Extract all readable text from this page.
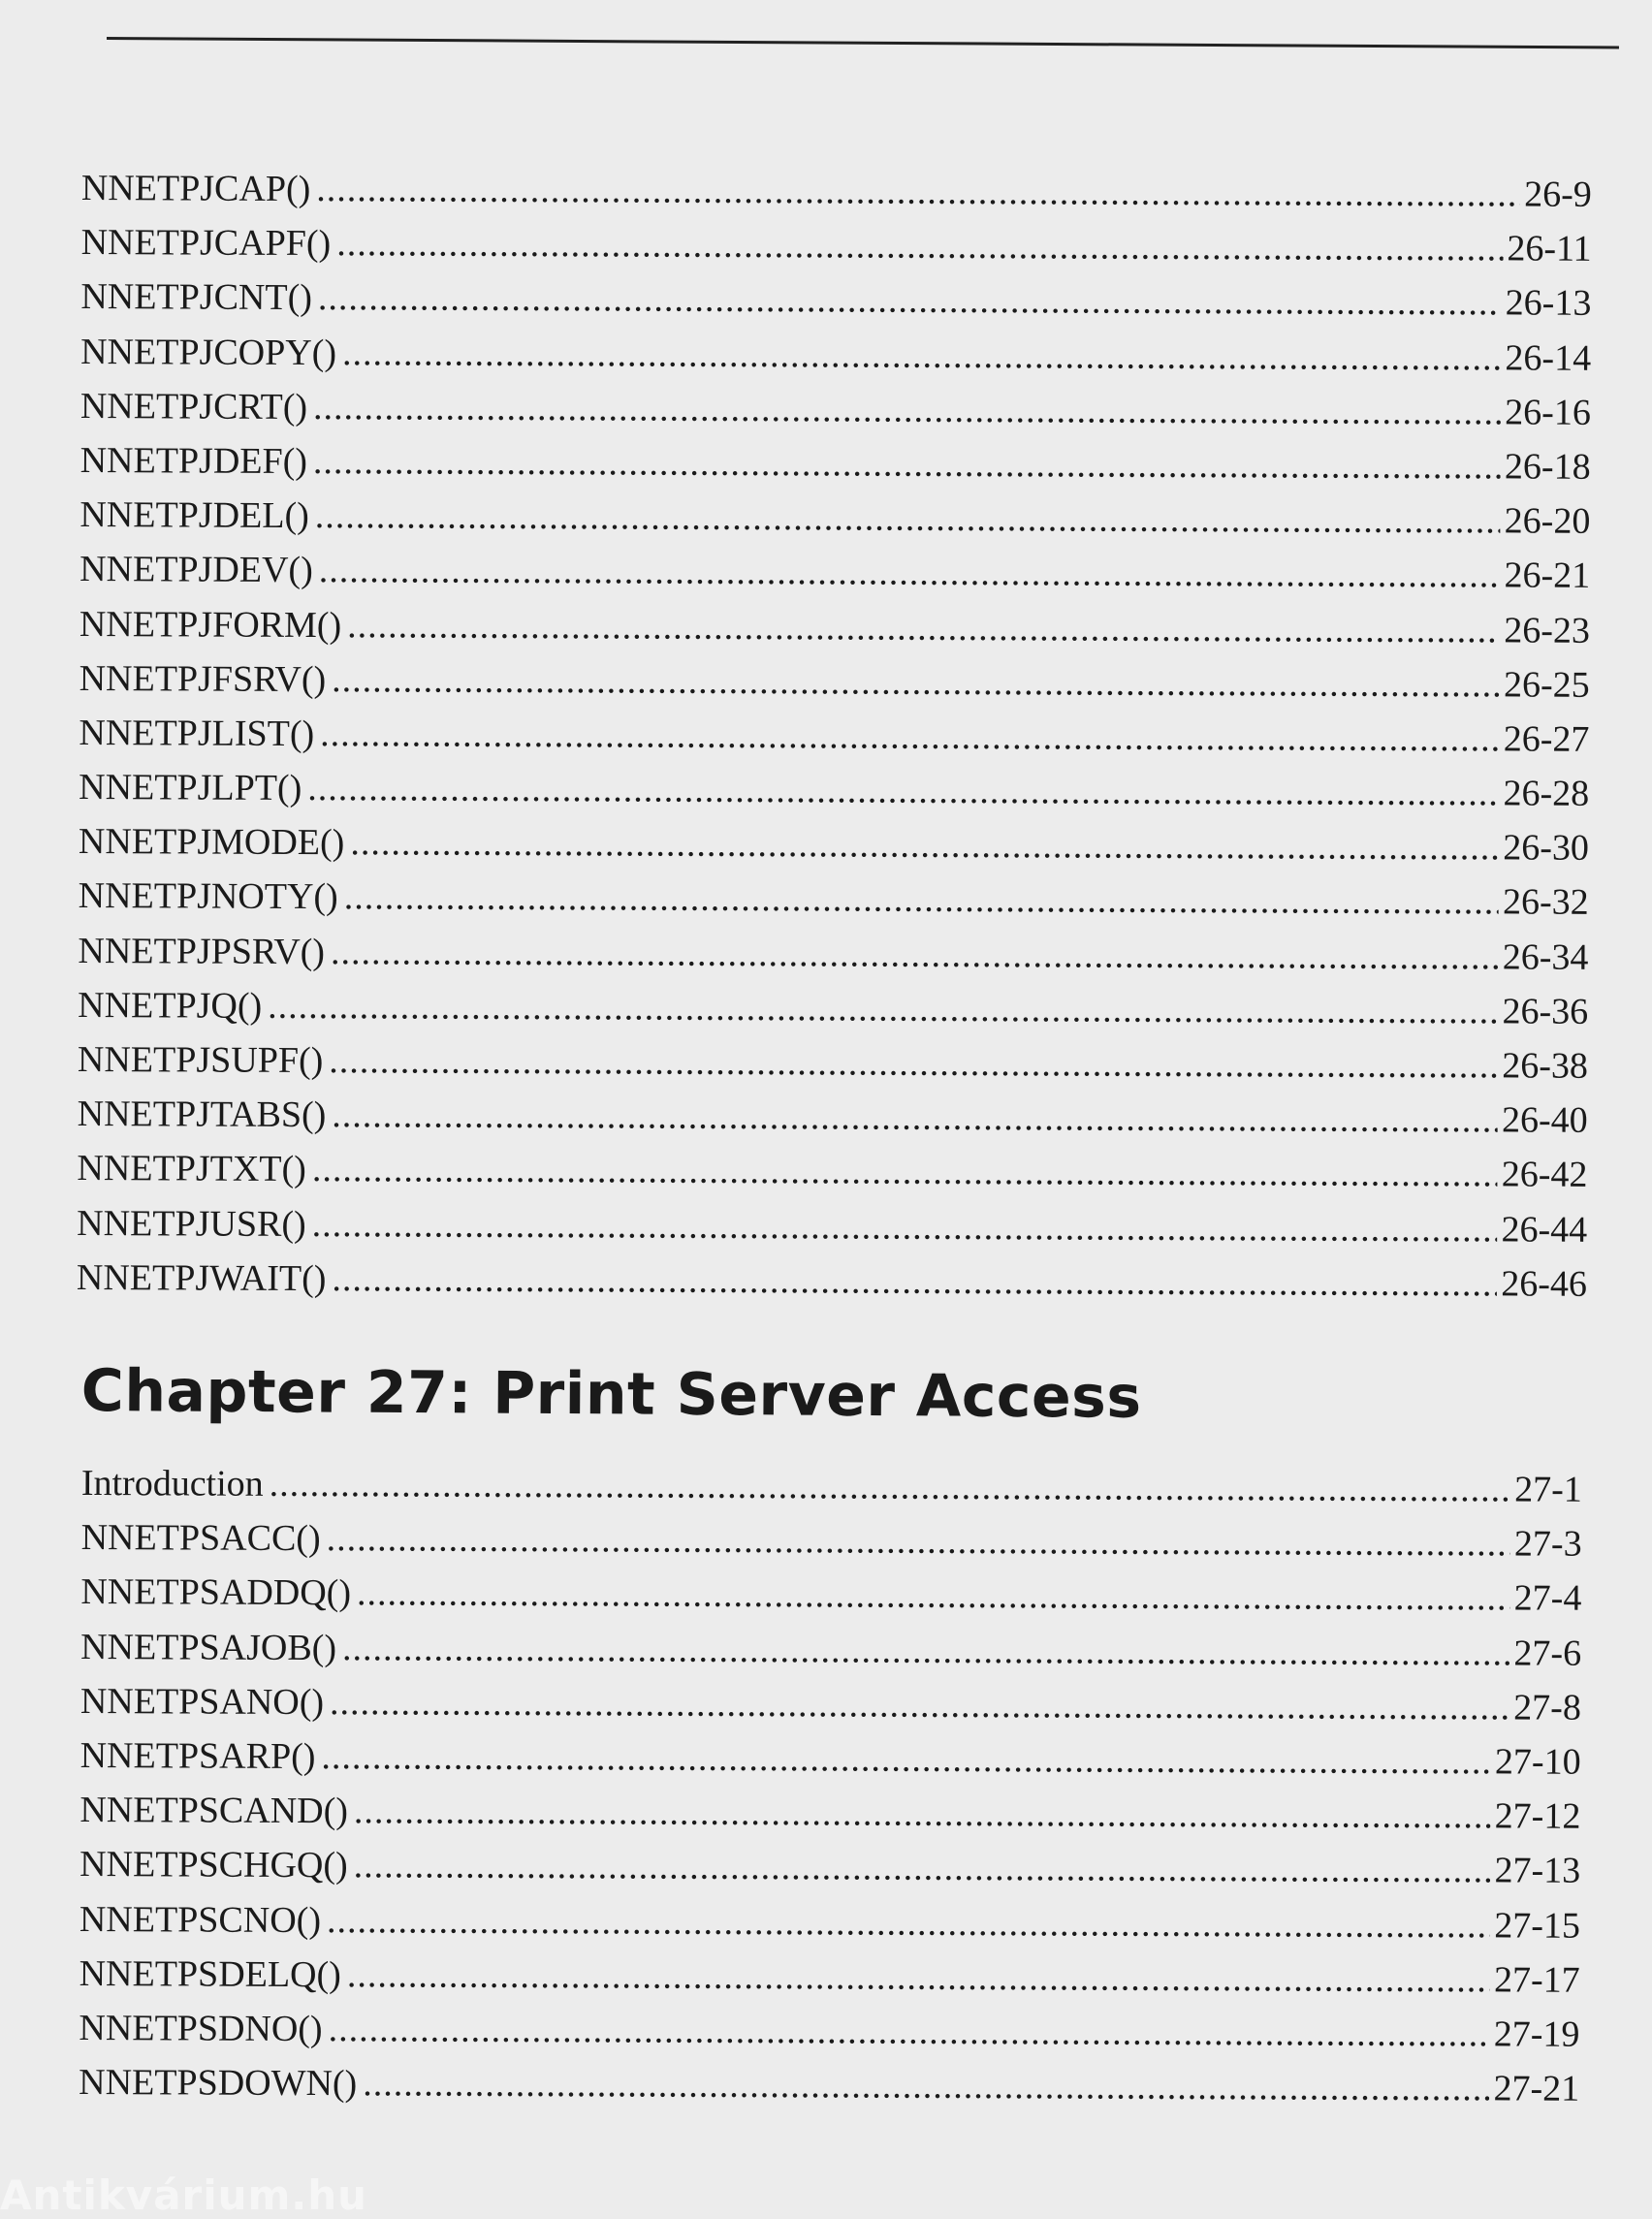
NNETPJCAP() .....	26-9
NNETPJCAPF() .....	26-11
NNETPJCNT() .....	26-13
NNETPJCOPY() .....	26-14
NNETPJCRT() .....	26-16
NNETPJDEF() .....	26-18
NNETPJDEL() .....	26-20
NNETPJDEV() .....	26-21
NNETPJFORM() .....	26-23
NNETPJFSRV() .....	26-25
NNETPJLIST() .....	26-27
NNETPJLPT() .....	26-28
NNETPJMODE() .....	26-30
NNETPJNOTY() .....	26-32
NNETPJPSRV() .....	26-34
NNETPJQ() .....	26-36
NNETPJSUPF() .....	26-38
NNETPJTABS() .....	26-40
NNETPJTXT() .....	26-42
NNETPJUSR() .....	26-44
NNETPJWAIT() .....	26-46
Chapter 27: Print Server Access
Introduction .....	27-1
NNETPSACC() .....	27-3
NNETPSADDQ() .....	27-4
NNETPSAJOB() .....	27-6
NNETPSANO() .....	27-8
NNETPSARP() .....	27-10
NNETPSCAND() .....	27-12
NNETPSCHGQ() .....	27-13
NNETPSCNO() .....	27-15
NNETPSDELQ() .....	27-17
NNETPSDNO() .....	27-19
NNETPSDOWN() .....	27-21
Antikvárium.hu
